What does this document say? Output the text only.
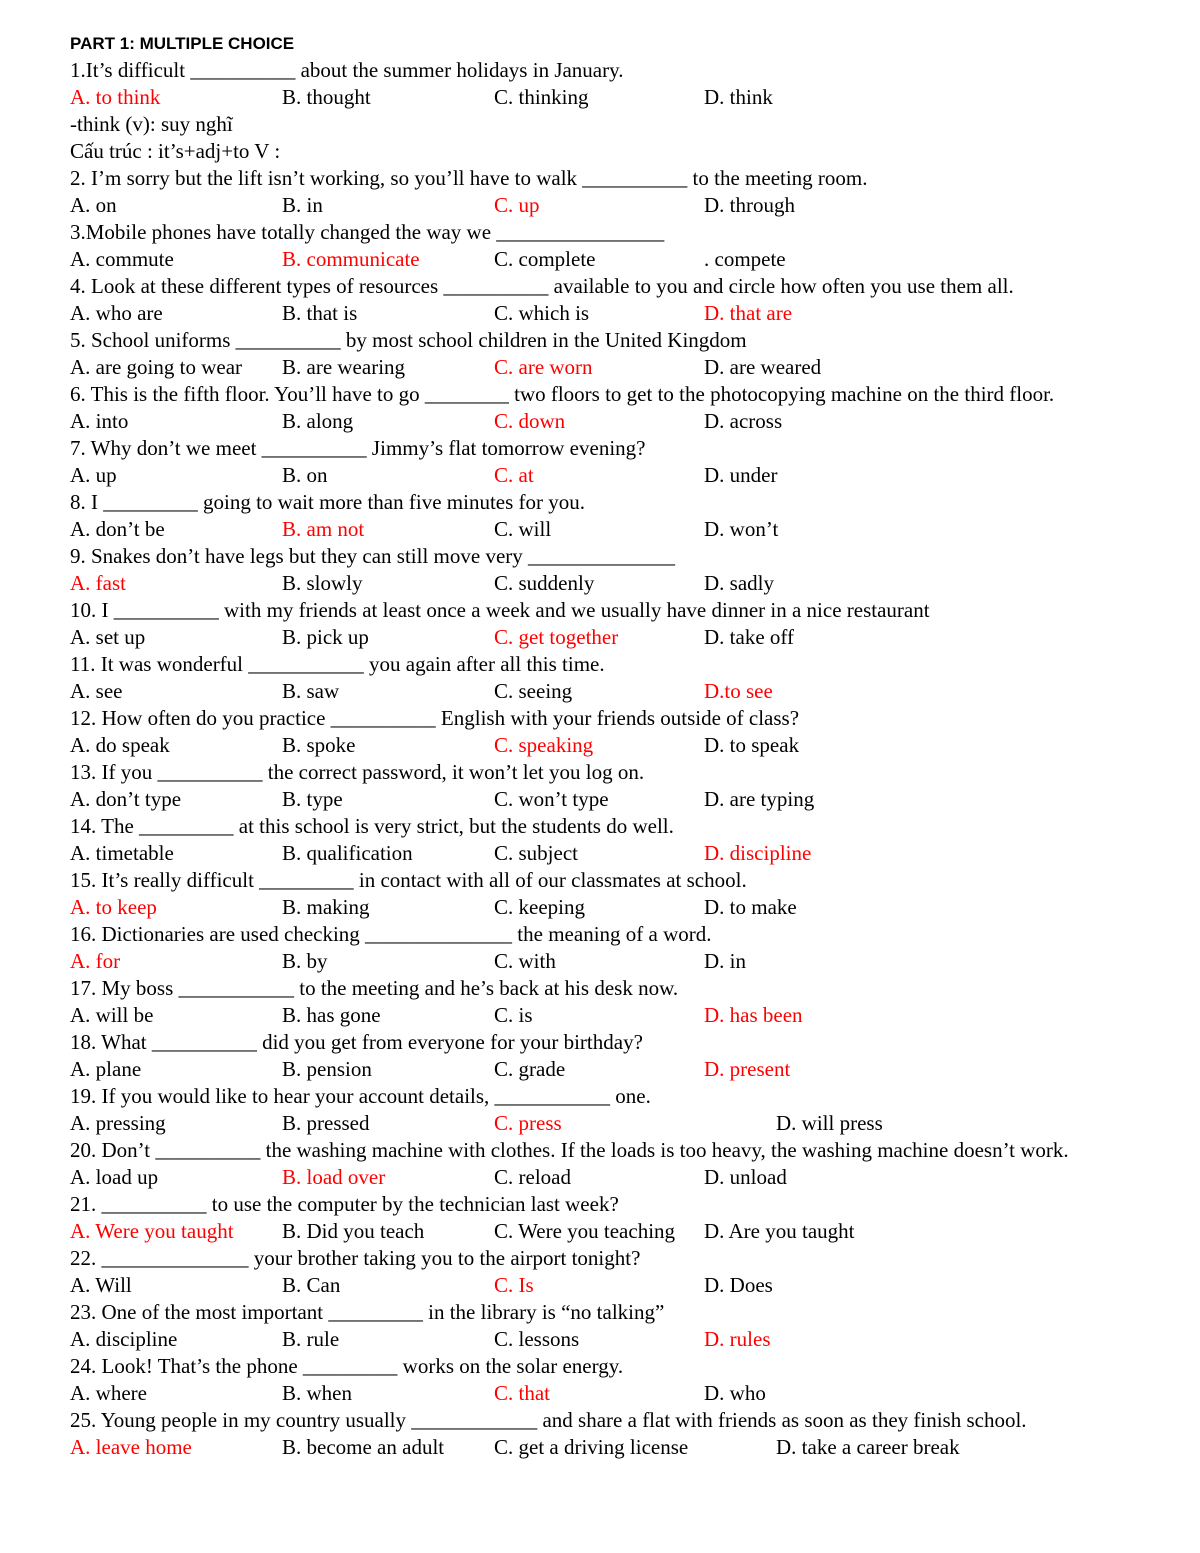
PART 1: MULTIPLE CHOICE
1.It’s difficult __________ about the summer holidays in January.
A. to think	B. thought	C. thinking	D. think
-think (v): suy nghĩ
Cấu trúc : it’s+adj+to V :
2. I’m sorry but the lift isn’t working, so you’ll have to walk __________ to the meeting room.
A. on	B. in	C. up	D. through
3.Mobile phones have totally changed the way we ________________
A. commute	B. communicate	C. complete	. compete
4. Look at these different types of resources __________ available to you and circle how often you use them all.
A. who are	B. that is	C. which is	D. that are
5. School uniforms __________ by most school children in the United Kingdom
A. are going to wear B. are wearing	C. are worn	D. are weared
6. This is the fifth floor. You’ll have to go ________ two floors to get to the photocopying machine on the third floor.
A. into	B. along	C. down	D. across
7. Why don’t we meet __________ Jimmy’s flat tomorrow evening?
A. up	B. on	C. at	D. under
8. I _________ going to wait more than five minutes for you.
A. don’t be	B. am not	C. will	D. won’t
9. Snakes don’t have legs but they can still move very ______________
A. fast	B. slowly	C. suddenly	D. sadly
10. I __________ with my friends at least once a week and we usually have dinner in a nice restaurant
A. set up	B. pick up	C. get together	D. take off
11. It was wonderful ___________ you again after all this time.
A. see	B. saw	C. seeing	D.to see
12. How often do you practice __________ English with your friends outside of class?
A. do speak	B. spoke	C. speaking	D. to speak
13. If you __________ the correct password, it won’t let you log on.
A. don’t type	B. type	C. won’t type	D. are typing
14. The _________ at this school is very strict, but the students do well.
A. timetable	B. qualification	C. subject	D. discipline
15. It’s really difficult _________ in contact with all of our classmates at school.
A. to keep	B. making	C. keeping	D. to make
16. Dictionaries are used checking ______________ the meaning of a word.
A. for	B. by	C. with	D. in
17. My boss ___________ to the meeting and he’s back at his desk now.
A. will be	B. has gone	C. is	D. has been
18. What __________ did you get from everyone for your birthday?
A. plane	B. pension	C. grade	D. present
19. If you would like to hear your account details, ___________ one.
A. pressing	B. pressed	C. press	D. will press
20. Don’t __________ the washing machine with clothes. If the loads is too heavy, the washing machine doesn’t work.
A. load up	B. load over	C. reload	D. unload
21. __________ to use the computer by the technician last week?
A. Were you taught B. Did you teach	C. Were you teaching D. Are you taught
22. ______________ your brother taking you to the airport tonight?
A. Will	B. Can	C. Is	D. Does
23. One of the most important _________ in the library is “no talking”
A. discipline	B. rule	C. lessons	D. rules
24. Look! That’s the phone _________ works on the solar energy.
A. where	B. when	C. that	D. who
25. Young people in my country usually ____________ and share a flat with friends as soon as they finish school.
A. leave home	B. become an adult C. get a driving license	D. take a career break
